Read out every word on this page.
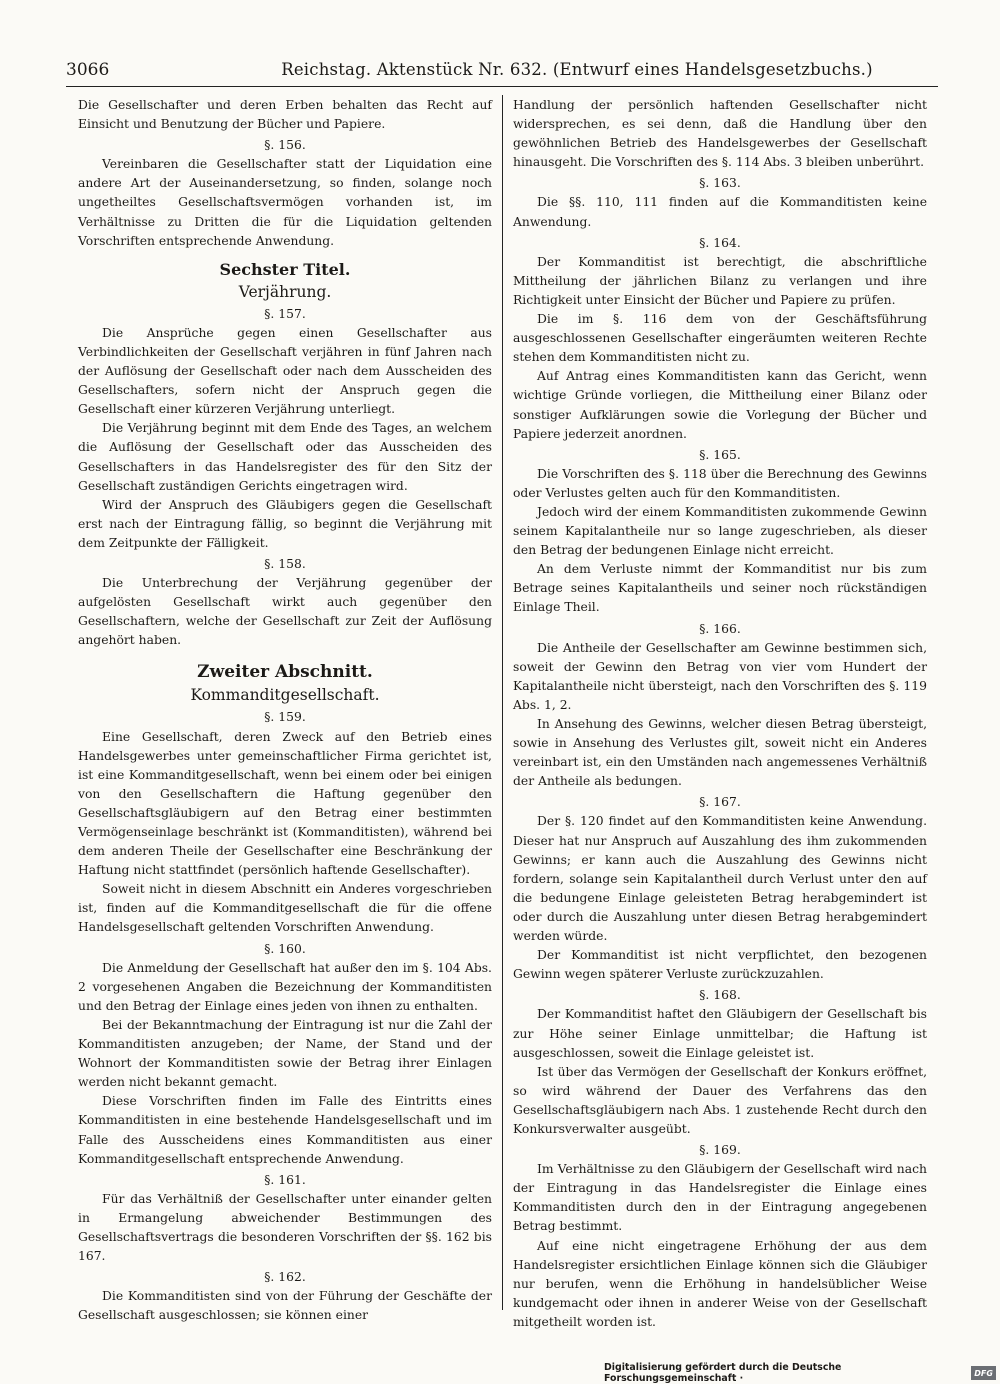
3066	Reichstag. Aktenstück Nr. 632. (Entwurf eines Handelsgesetzbuchs.)
Die Gesellschafter und deren Erben behalten das Recht auf Einsicht und Benutzung der Bücher und Papiere.
§. 156.
Vereinbaren die Gesellschafter statt der Liquidation eine andere Art der Auseinandersetzung, so finden, solange noch ungetheiltes Gesellschaftsvermögen vorhanden ist, im Verhältnisse zu Dritten die für die Liquidation geltenden Vorschriften entsprechende Anwendung.
Sechster Titel.
Verjährung.
§. 157.
Die Ansprüche gegen einen Gesellschafter aus Verbindlichkeiten der Gesellschaft verjähren in fünf Jahren nach der Auflösung der Gesellschaft oder nach dem Ausscheiden des Gesellschafters, sofern nicht der Anspruch gegen die Gesellschaft einer kürzeren Verjährung unterliegt.
Die Verjährung beginnt mit dem Ende des Tages, an welchem die Auflösung der Gesellschaft oder das Ausscheiden des Gesellschafters in das Handelsregister des für den Sitz der Gesellschaft zuständigen Gerichts eingetragen wird.
Wird der Anspruch des Gläubigers gegen die Gesellschaft erst nach der Eintragung fällig, so beginnt die Verjährung mit dem Zeitpunkte der Fälligkeit.
§. 158.
Die Unterbrechung der Verjährung gegenüber der aufgelösten Gesellschaft wirkt auch gegenüber den Gesellschaftern, welche der Gesellschaft zur Zeit der Auflösung angehört haben.
Zweiter Abschnitt.
Kommanditgesellschaft.
§. 159.
Eine Gesellschaft, deren Zweck auf den Betrieb eines Handelsgewerbes unter gemeinschaftlicher Firma gerichtet ist, ist eine Kommanditgesellschaft, wenn bei einem oder bei einigen von den Gesellschaftern die Haftung gegenüber den Gesellschaftsgläubigern auf den Betrag einer bestimmten Vermögenseinlage beschränkt ist (Kommanditisten), während bei dem anderen Theile der Gesellschafter eine Beschränkung der Haftung nicht stattfindet (persönlich haftende Gesellschafter).
Soweit nicht in diesem Abschnitt ein Anderes vorgeschrieben ist, finden auf die Kommanditgesellschaft die für die offene Handelsgesellschaft geltenden Vorschriften Anwendung.
§. 160.
Die Anmeldung der Gesellschaft hat außer den im §. 104 Abs. 2 vorgesehenen Angaben die Bezeichnung der Kommanditisten und den Betrag der Einlage eines jeden von ihnen zu enthalten.
Bei der Bekanntmachung der Eintragung ist nur die Zahl der Kommanditisten anzugeben; der Name, der Stand und der Wohnort der Kommanditisten sowie der Betrag ihrer Einlagen werden nicht bekannt gemacht.
Diese Vorschriften finden im Falle des Eintritts eines Kommanditisten in eine bestehende Handelsgesellschaft und im Falle des Ausscheidens eines Kommanditisten aus einer Kommanditgesellschaft entsprechende Anwendung.
§. 161.
Für das Verhältniß der Gesellschafter unter einander gelten in Ermangelung abweichender Bestimmungen des Gesellschaftsvertrags die besonderen Vorschriften der §§. 162 bis 167.
§. 162.
Die Kommanditisten sind von der Führung der Geschäfte der Gesellschaft ausgeschlossen; sie können einer
Handlung der persönlich haftenden Gesellschafter nicht widersprechen, es sei denn, daß die Handlung über den gewöhnlichen Betrieb des Handelsgewerbes der Gesellschaft hinausgeht. Die Vorschriften des §. 114 Abs. 3 bleiben unberührt.
§. 163.
Die §§. 110, 111 finden auf die Kommanditisten keine Anwendung.
§. 164.
Der Kommanditist ist berechtigt, die abschriftliche Mittheilung der jährlichen Bilanz zu verlangen und ihre Richtigkeit unter Einsicht der Bücher und Papiere zu prüfen.
Die im §. 116 dem von der Geschäftsführung ausgeschlossenen Gesellschafter eingeräumten weiteren Rechte stehen dem Kommanditisten nicht zu.
Auf Antrag eines Kommanditisten kann das Gericht, wenn wichtige Gründe vorliegen, die Mittheilung einer Bilanz oder sonstiger Aufklärungen sowie die Vorlegung der Bücher und Papiere jederzeit anordnen.
§. 165.
Die Vorschriften des §. 118 über die Berechnung des Gewinns oder Verlustes gelten auch für den Kommanditisten.
Jedoch wird der einem Kommanditisten zukommende Gewinn seinem Kapitalantheile nur so lange zugeschrieben, als dieser den Betrag der bedungenen Einlage nicht erreicht.
An dem Verluste nimmt der Kommanditist nur bis zum Betrage seines Kapitalantheils und seiner noch rückständigen Einlage Theil.
§. 166.
Die Antheile der Gesellschafter am Gewinne bestimmen sich, soweit der Gewinn den Betrag von vier vom Hundert der Kapitalantheile nicht übersteigt, nach den Vorschriften des §. 119 Abs. 1, 2.
In Ansehung des Gewinns, welcher diesen Betrag übersteigt, sowie in Ansehung des Verlustes gilt, soweit nicht ein Anderes vereinbart ist, ein den Umständen nach angemessenes Verhältniß der Antheile als bedungen.
§. 167.
Der §. 120 findet auf den Kommanditisten keine Anwendung. Dieser hat nur Anspruch auf Auszahlung des ihm zukommenden Gewinns; er kann auch die Auszahlung des Gewinns nicht fordern, solange sein Kapitalantheil durch Verlust unter den auf die bedungene Einlage geleisteten Betrag herabgemindert ist oder durch die Auszahlung unter diesen Betrag herabgemindert werden würde.
Der Kommanditist ist nicht verpflichtet, den bezogenen Gewinn wegen späterer Verluste zurückzuzahlen.
§. 168.
Der Kommanditist haftet den Gläubigern der Gesellschaft bis zur Höhe seiner Einlage unmittelbar; die Haftung ist ausgeschlossen, soweit die Einlage geleistet ist.
Ist über das Vermögen der Gesellschaft der Konkurs eröffnet, so wird während der Dauer des Verfahrens das den Gesellschaftsgläubigern nach Abs. 1 zustehende Recht durch den Konkursverwalter ausgeübt.
§. 169.
Im Verhältnisse zu den Gläubigern der Gesellschaft wird nach der Eintragung in das Handelsregister die Einlage eines Kommanditisten durch den in der Eintragung angegebenen Betrag bestimmt.
Auf eine nicht eingetragene Erhöhung der aus dem Handelsregister ersichtlichen Einlage können sich die Gläubiger nur berufen, wenn die Erhöhung in handelsüblicher Weise kundgemacht oder ihnen in anderer Weise von der Gesellschaft mitgetheilt worden ist.
Digitalisierung gefördert durch die Deutsche Forschungsgemeinschaft ·	DFG
